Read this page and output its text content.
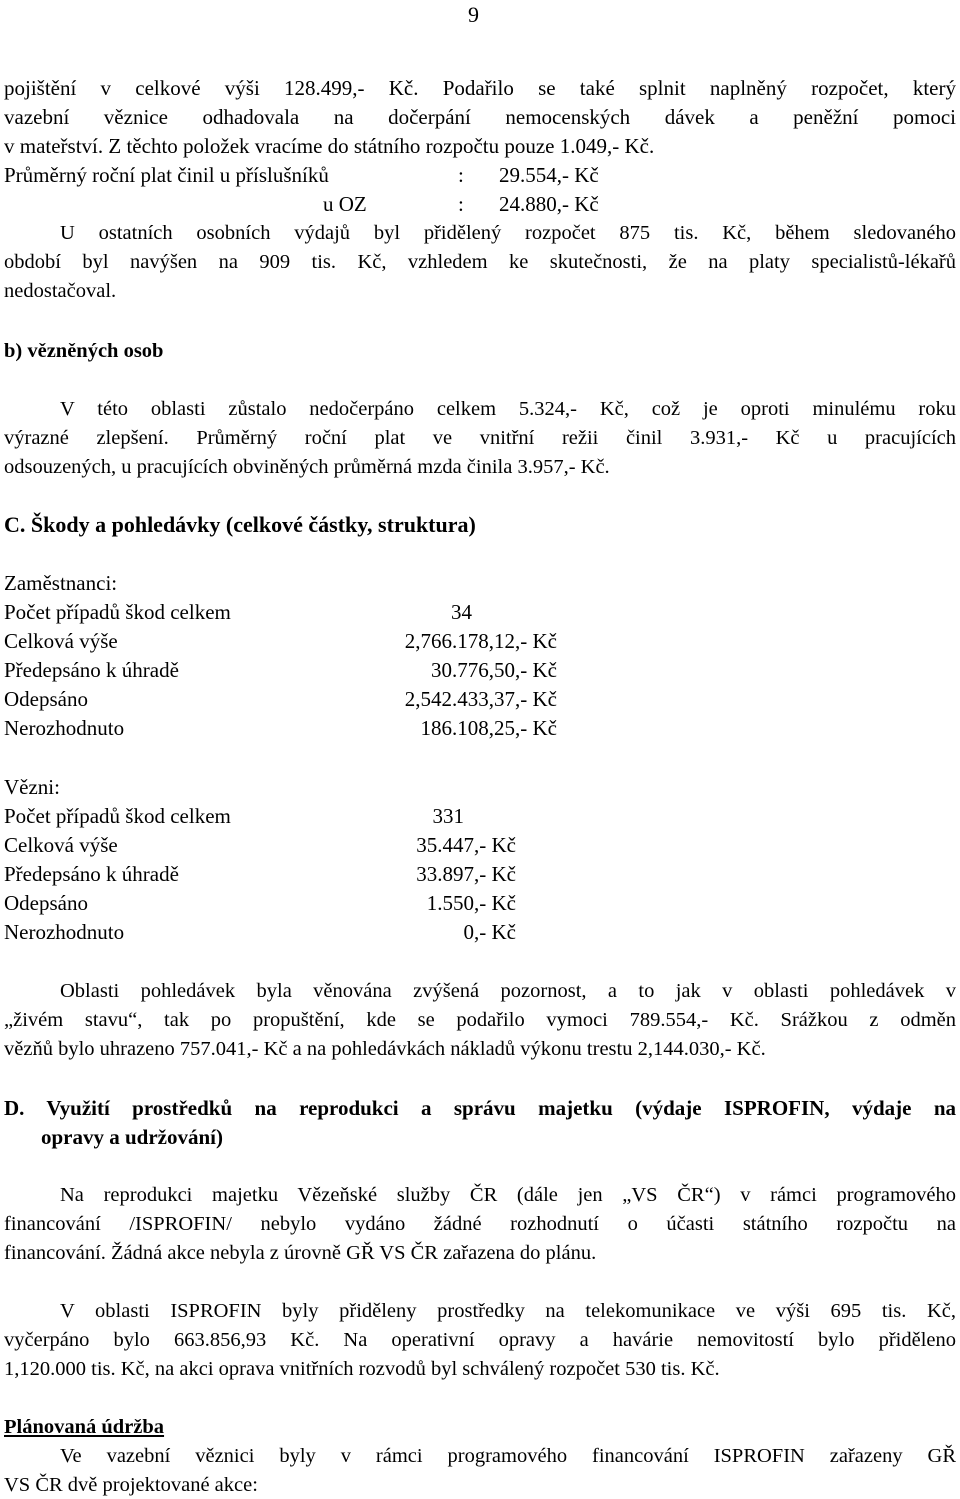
9
pojištění v celkové výši 128.499,- Kč. Podařilo se také splnit naplněný rozpočet, který
vazební věznice odhadovala na dočerpání nemocenských dávek a peněžní pomoci
v mateřství. Z těchto položek vracíme do státního rozpočtu pouze 1.049,- Kč.
Průměrný roční plat činil u příslušníků	: 29.554,- Kč
u OZ	: 24.880,- Kč
U ostatních osobních výdajů byl přidělený rozpočet 875 tis. Kč, během sledovaného
období byl navýšen na 909 tis. Kč, vzhledem ke skutečnosti, že na platy specialistů-lékařů
nedostačoval.
b) vězněných osob
V této oblasti zůstalo nedočerpáno celkem 5.324,- Kč, což je oproti minulému roku
výrazné zlepšení. Průměrný roční plat ve vnitřní režii činil 3.931,- Kč u pracujících
odsouzených, u pracujících obviněných průměrná mzda činila 3.957,- Kč.
C. Škody a pohledávky (celkové částky, struktura)
Zaměstnanci:
Počet případů škod celkem	34
Celková výše	2,766.178,12,- Kč
Předepsáno k úhradě	30.776,50,- Kč
Odepsáno	2,542.433,37,- Kč
Nerozhodnuto	186.108,25,- Kč
Vězni:
Počet případů škod celkem	331
Celková výše	35.447,- Kč
Předepsáno k úhradě	33.897,- Kč
Odepsáno	1.550,- Kč
Nerozhodnuto	0,- Kč
Oblasti pohledávek byla věnována zvýšená pozornost, a to jak v oblasti pohledávek v
„živém stavu“, tak po propuštění, kde se podařilo vymoci 789.554,- Kč. Srážkou z odměn
vězňů bylo uhrazeno 757.041,- Kč a na pohledávkách nákladů výkonu trestu 2,144.030,- Kč.
D. Využití prostředků na reprodukci a správu majetku (výdaje ISPROFIN, výdaje na
opravy a udržování)
Na reprodukci majetku Vězeňské služby ČR (dále jen „VS ČR“) v rámci programového
financování /ISPROFIN/ nebylo vydáno žádné rozhodnutí o účasti státního rozpočtu na
financování. Žádná akce nebyla z úrovně GŘ VS ČR zařazena do plánu.
V oblasti ISPROFIN byly přiděleny prostředky na telekomunikace ve výši 695 tis. Kč,
vyčerpáno bylo 663.856,93 Kč. Na operativní opravy a havárie nemovitostí bylo přiděleno
1,120.000 tis. Kč, na akci oprava vnitřních rozvodů byl schválený rozpočet 530 tis. Kč.
Plánovaná údržba
Ve vazební věznici byly v rámci programového financování ISPROFIN zařazeny GŘ
VS ČR dvě projektované akce:
